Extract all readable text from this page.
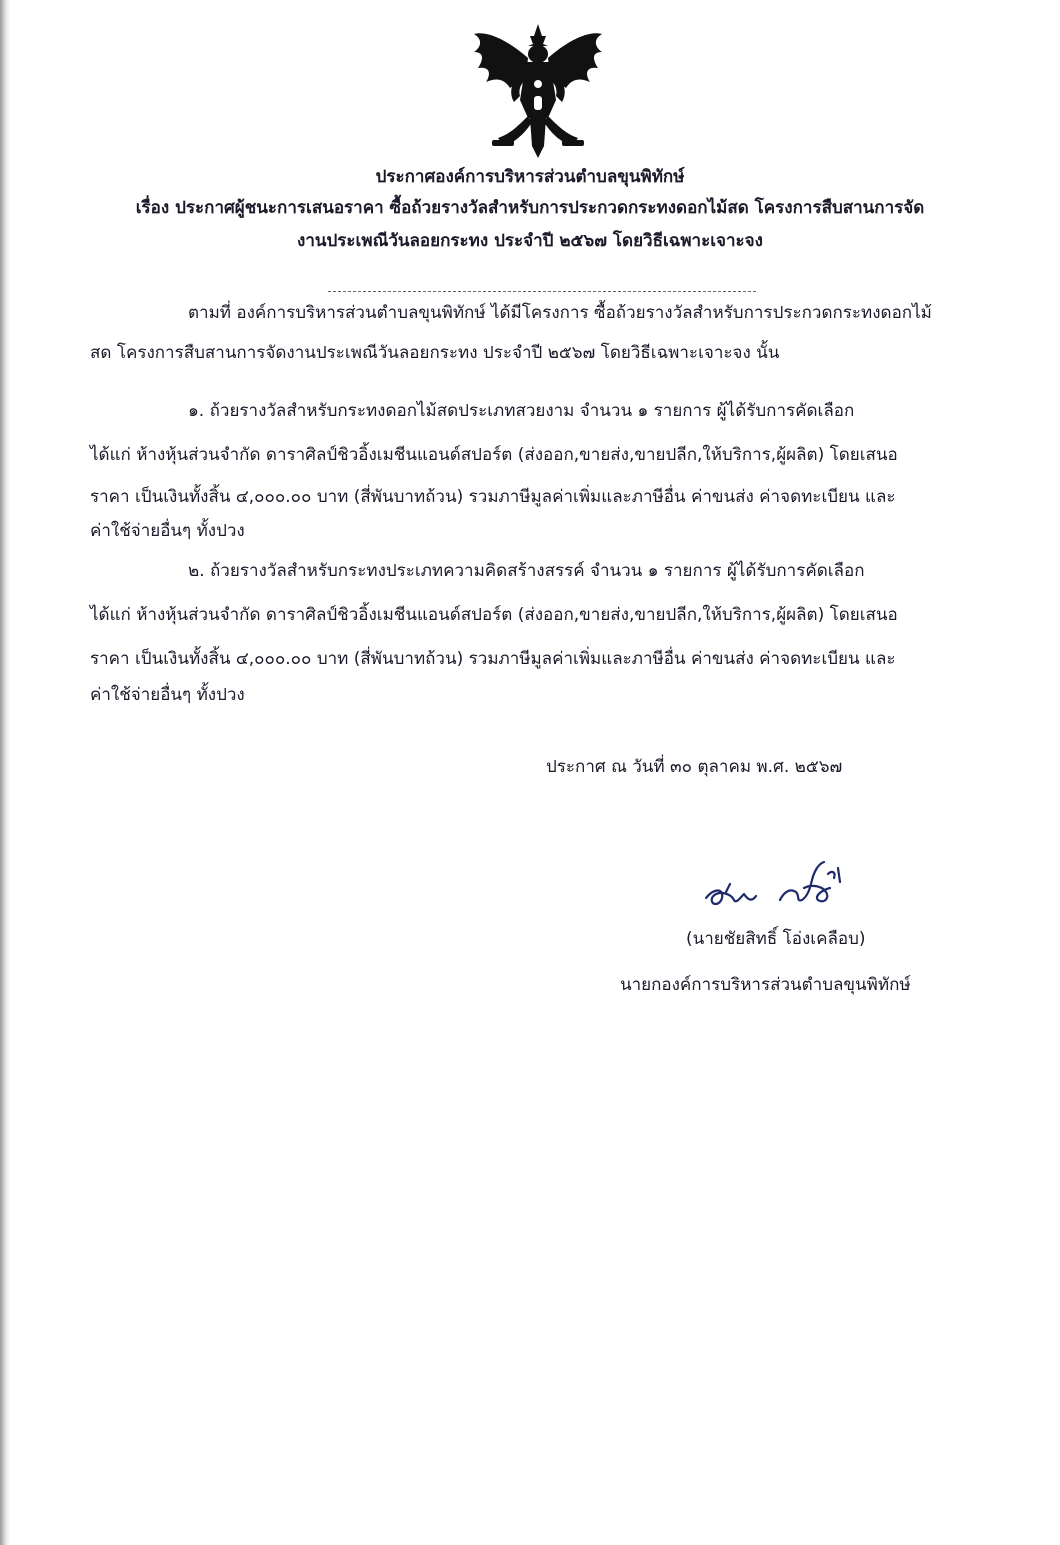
ประกาศองค์การบริหารส่วนตำบลขุนพิทักษ์
เรื่อง ประกาศผู้ชนะการเสนอราคา ซื้อถ้วยรางวัลสำหรับการประกวดกระทงดอกไม้สด โครงการสืบสานการจัด
งานประเพณีวันลอยกระทง ประจำปี ๒๕๖๗ โดยวิธีเฉพาะเจาะจง
ตามที่ องค์การบริหารส่วนตำบลขุนพิทักษ์ ได้มีโครงการ ซื้อถ้วยรางวัลสำหรับการประกวดกระทงดอกไม้
สด โครงการสืบสานการจัดงานประเพณีวันลอยกระทง ประจำปี ๒๕๖๗ โดยวิธีเฉพาะเจาะจง นั้น
๑. ถ้วยรางวัลสำหรับกระทงดอกไม้สดประเภทสวยงาม จำนวน ๑ รายการ ผู้ได้รับการคัดเลือก
ได้แก่ ห้างหุ้นส่วนจำกัด ดาราศิลป์ชิวอิ้งเมชีนแอนด์สปอร์ต (ส่งออก,ขายส่ง,ขายปลีก,ให้บริการ,ผู้ผลิต) โดยเสนอ
ราคา เป็นเงินทั้งสิ้น ๔,๐๐๐.๐๐ บาท (สี่พันบาทถ้วน) รวมภาษีมูลค่าเพิ่มและภาษีอื่น ค่าขนส่ง ค่าจดทะเบียน และ
ค่าใช้จ่ายอื่นๆ ทั้งปวง
๒. ถ้วยรางวัลสำหรับกระทงประเภทความคิดสร้างสรรค์ จำนวน ๑ รายการ ผู้ได้รับการคัดเลือก
ได้แก่ ห้างหุ้นส่วนจำกัด ดาราศิลป์ชิวอิ้งเมชีนแอนด์สปอร์ต (ส่งออก,ขายส่ง,ขายปลีก,ให้บริการ,ผู้ผลิต) โดยเสนอ
ราคา เป็นเงินทั้งสิ้น ๔,๐๐๐.๐๐ บาท (สี่พันบาทถ้วน) รวมภาษีมูลค่าเพิ่มและภาษีอื่น ค่าขนส่ง ค่าจดทะเบียน และ
ค่าใช้จ่ายอื่นๆ ทั้งปวง
ประกาศ ณ วันที่ ๓๐ ตุลาคม พ.ศ. ๒๕๖๗
(นายชัยสิทธิ์ โอ่งเคลือบ)
นายกองค์การบริหารส่วนตำบลขุนพิทักษ์
